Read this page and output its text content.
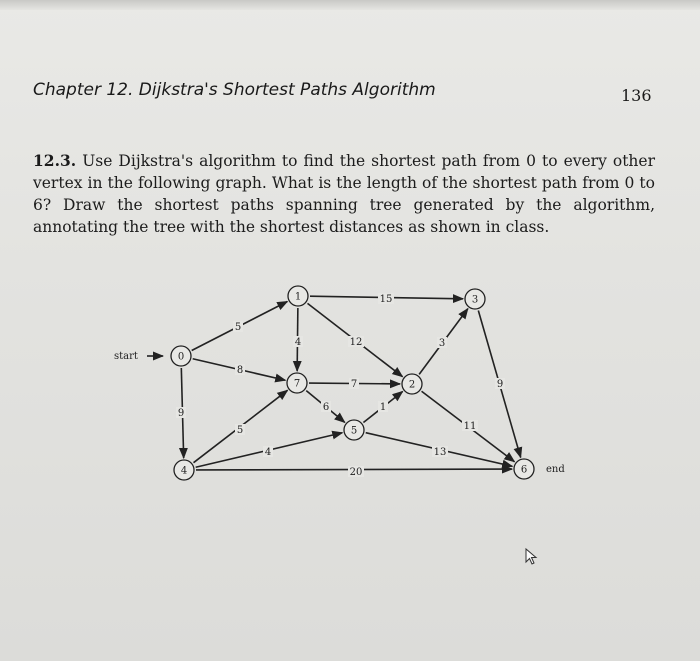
Chapter 12. Dijkstra's Shortest Paths Algorithm	136
12.3. Use Dijkstra's algorithm to find the shortest path from 0 to every other vertex in the following graph. What is the length of the shortest path from 0 to 6? Draw the shortest paths spanning tree generated by the algorithm, annotating the tree with the shortest distances as shown in class.
5
8
9
15
4	12
7
6
5
4
20
1
13
3
11
9
0
1
2
3
4
5
6
7
start
end
